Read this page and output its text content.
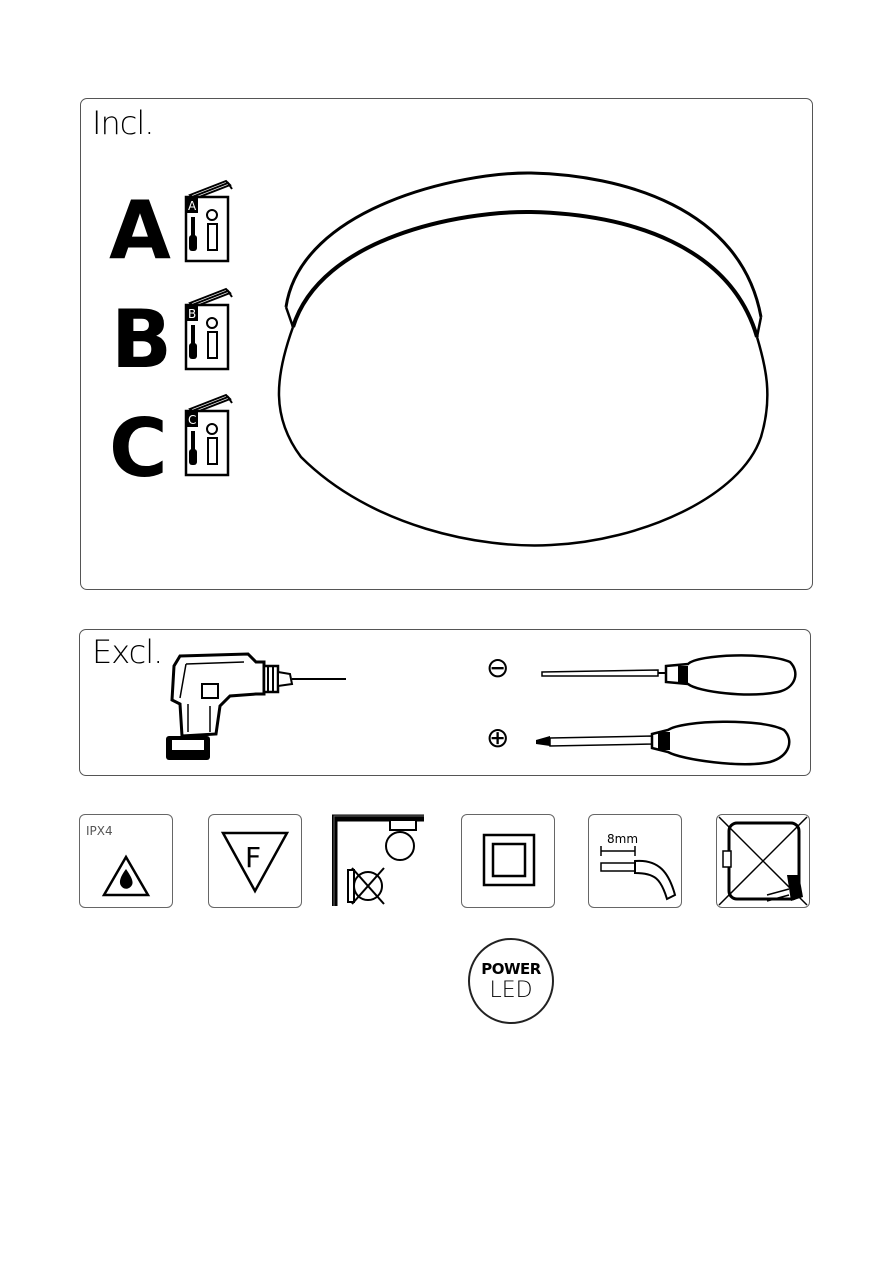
Incl.
A A
B B
C C
Excl.	⊖
⊕
IPX4
F
8mm
POWER
LED
